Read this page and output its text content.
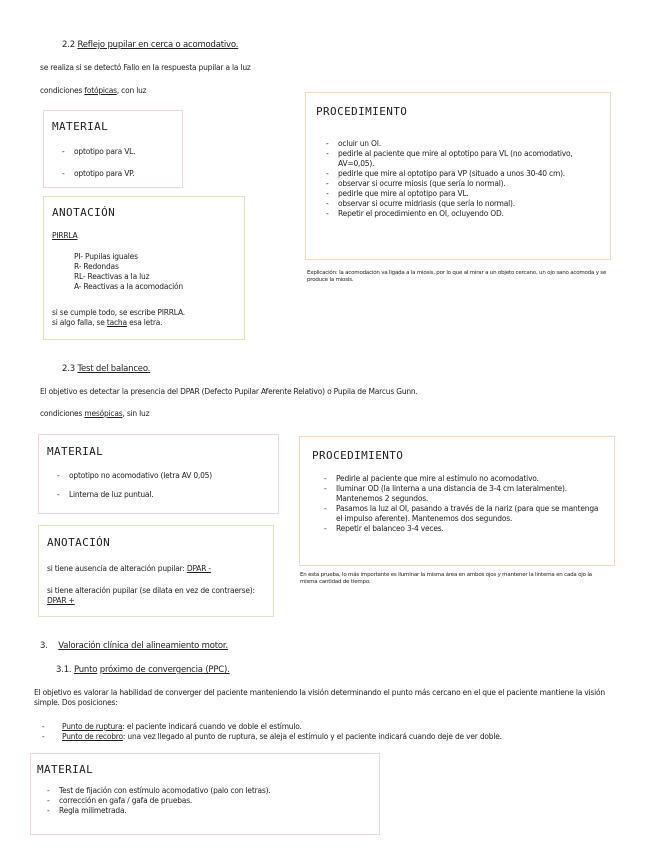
2.2 Reflejo pupilar en cerca o acomodativo.
se realiza si se detectó Fallo en la respuesta pupilar a la luz
condiciones fotópicas, con luz
MATERIAL
- optotipo para VL.
- optotipo para VP.
ANOTACIÓN
PIRRLA
PI- Pupilas iguales
R- Redondas
RL- Reactivas a la luz
A- Reactivas a la acomodación
si se cumple todo, se escribe PIRRLA.
si algo falla, se tacha esa letra.
PROCEDIMIENTO
- ocluir un OI.
- pedirle al paciente que mire al optotipo para VL (no acomodativo, AV=0,05).
- pedirle que mire al optotipo para VP (situado a unos 30-40 cm).
- observar si ocurre miosis (que sería lo normal).
- pedirle que mire al optotipo para VL.
- observar si ocurre midriasis (que sería lo normal).
- Repetir el procedimiento en OI, ocluyendo OD.
Explicación: la acomodación va ligada a la miosis, por lo que al mirar a un objeto cercano, un ojo sano acomoda y se produce la miosis.
2.3 Test del balanceo.
El objetivo es detectar la presencia del DPAR (Defecto Pupilar Aferente Relativo) o Pupila de Marcus Gunn.
condiciones mesópicas, sin luz
MATERIAL
- optotipo no acomodativo (letra AV 0,05)
- Linterna de luz puntual.
ANOTACIÓN
si tiene ausencia de alteración pupilar: DPAR -
si tiene alteración pupilar (se dilata en vez de contraerse): DPAR +
PROCEDIMIENTO
- Pedirle al paciente que mire al estímulo no acomodativo.
- Iluminar OD (la linterna a una distancia de 3-4 cm lateralmente). Mantenemos 2 segundos.
- Pasamos la luz al OI, pasando a través de la nariz (para que se mantenga el impulso aferente). Mantenemos dos segundos.
- Repetir el balanceo 3-4 veces.
En esta prueba, lo más importante es iluminar la misma área en ambos ojos y mantener la linterna en cada ojo la misma cantidad de tiempo.
3. Valoración clínica del alineamiento motor.
3.1. Punto próximo de convergencia (PPC).
El objetivo es valorar la habilidad de converger del paciente manteniendo la visión determinando el punto más cercano en el que el paciente mantiene la visión simple. Dos posiciones:
- Punto de ruptura: el paciente indicará cuando ve doble el estímulo.
- Punto de recobro: una vez llegado al punto de ruptura, se aleja el estímulo y el paciente indicará cuando deje de ver doble.
MATERIAL
- Test de fijación con estímulo acomodativo (palo con letras).
- corrección en gafa / gafa de pruebas.
- Regla milimetrada.
